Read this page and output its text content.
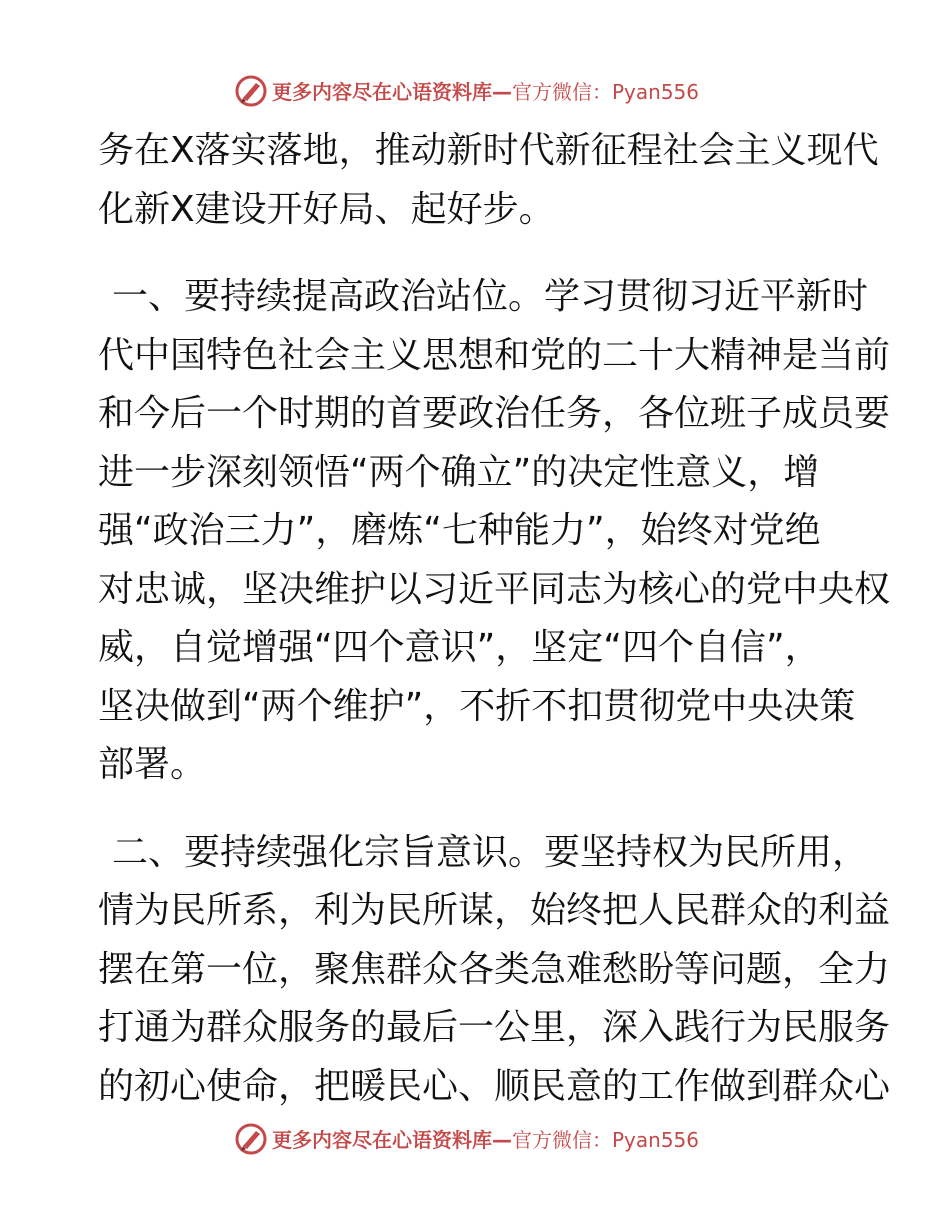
更多内容尽在心语资料库—官方微信：Pyan556
务在X落实落地，推动新时代新征程社会主义现代
化新X建设开好局、起好步。
一、要持续提高政治站位。学习贯彻习近平新时
代中国特色社会主义思想和党的二十大精神是当前
和今后一个时期的首要政治任务，各位班子成员要
进一步深刻领悟“两个确立”的决定性意义，增
强“政治三力”，磨炼“七种能力”，始终对党绝
对忠诚，坚决维护以习近平同志为核心的党中央权
威，自觉增强“四个意识”，坚定“四个自信”，
坚决做到“两个维护”，不折不扣贯彻党中央决策
部署。
二、要持续强化宗旨意识。要坚持权为民所用，
情为民所系，利为民所谋，始终把人民群众的利益
摆在第一位，聚焦群众各类急难愁盼等问题，全力
打通为群众服务的最后一公里，深入践行为民服务
的初心使命，把暖民心、顺民意的工作做到群众心
更多内容尽在心语资料库—官方微信：Pyan556
